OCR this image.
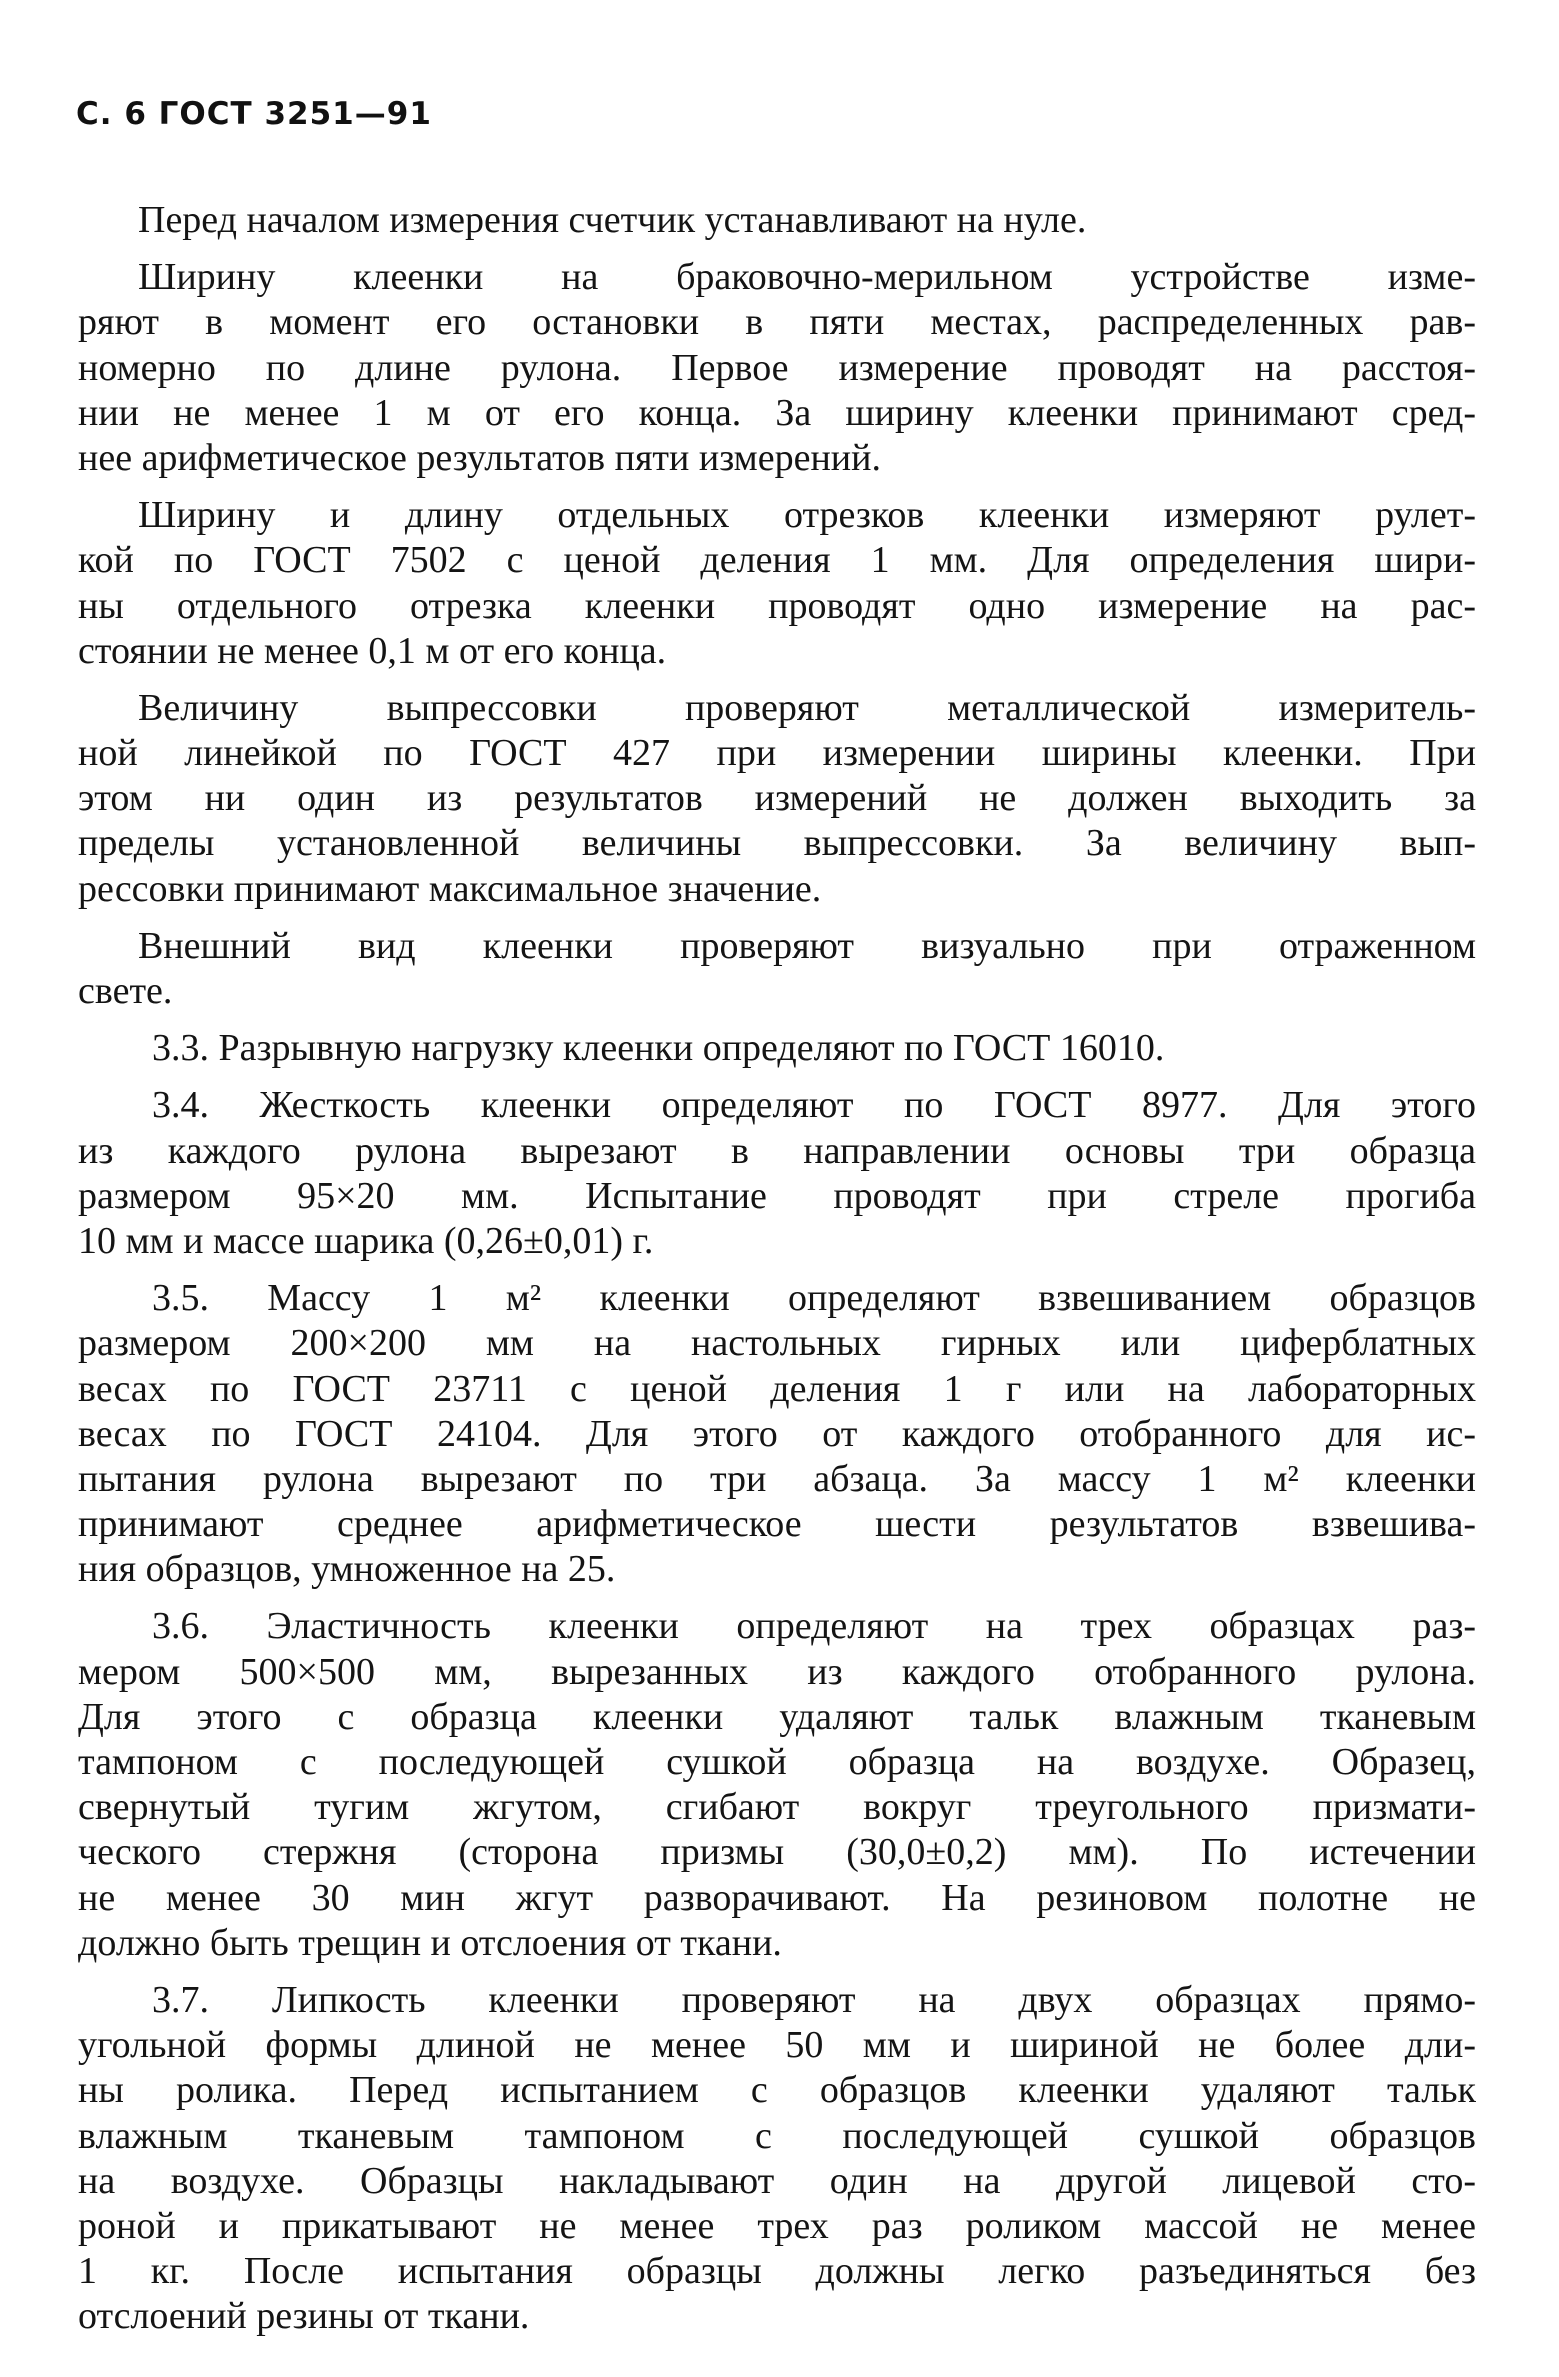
С. 6 ГОСТ 3251—91
Перед началом измерения счетчик устанавливают на нуле.
Ширину клеенки на браковочно-мерильном устройстве изме-
ряют в момент его остановки в пяти местах, распределенных рав-
номерно по длине рулона. Первое измерение проводят на расстоя-
нии не менее 1 м от его конца. За ширину клеенки принимают сред-
нее арифметическое результатов пяти измерений.
Ширину и длину отдельных отрезков клеенки измеряют рулет-
кой по ГОСТ 7502 с ценой деления 1 мм. Для определения шири-
ны отдельного отрезка клеенки проводят одно измерение на рас-
стоянии не менее 0,1 м от его конца.
Величину выпрессовки проверяют металлической измеритель-
ной линейкой по ГОСТ 427 при измерении ширины клеенки. При
этом ни один из результатов измерений не должен выходить за
пределы установленной величины выпрессовки. За величину вып-
рессовки принимают максимальное значение.
Внешний вид клеенки проверяют визуально при отраженном
свете.
3.3. Разрывную нагрузку клеенки определяют по ГОСТ 16010.
3.4. Жесткость клеенки определяют по ГОСТ 8977. Для этого
из каждого рулона вырезают в направлении основы три образца
размером 95×20 мм. Испытание проводят при стреле прогиба
10 мм и массе шарика (0,26±0,01) г.
3.5. Массу 1 м² клеенки определяют взвешиванием образцов
размером 200×200 мм на настольных гирных или циферблатных
весах по ГОСТ 23711 с ценой деления 1 г или на лабораторных
весах по ГОСТ 24104. Для этого от каждого отобранного для ис-
пытания рулона вырезают по три абзаца. За массу 1 м² клеенки
принимают среднее арифметическое шести результатов взвешива-
ния образцов, умноженное на 25.
3.6. Эластичность клеенки определяют на трех образцах раз-
мером 500×500 мм, вырезанных из каждого отобранного рулона.
Для этого с образца клеенки удаляют тальк влажным тканевым
тампоном с последующей сушкой образца на воздухе. Образец,
свернутый тугим жгутом, сгибают вокруг треугольного призмати-
ческого стержня (сторона призмы (30,0±0,2) мм). По истечении
не менее 30 мин жгут разворачивают. На резиновом полотне не
должно быть трещин и отслоения от ткани.
3.7. Липкость клеенки проверяют на двух образцах прямо-
угольной формы длиной не менее 50 мм и шириной не более дли-
ны ролика. Перед испытанием с образцов клеенки удаляют тальк
влажным тканевым тампоном с последующей сушкой образцов
на воздухе. Образцы накладывают один на другой лицевой сто-
роной и прикатывают не менее трех раз роликом массой не менее
1 кг. После испытания образцы должны легко разъединяться без
отслоений резины от ткани.
